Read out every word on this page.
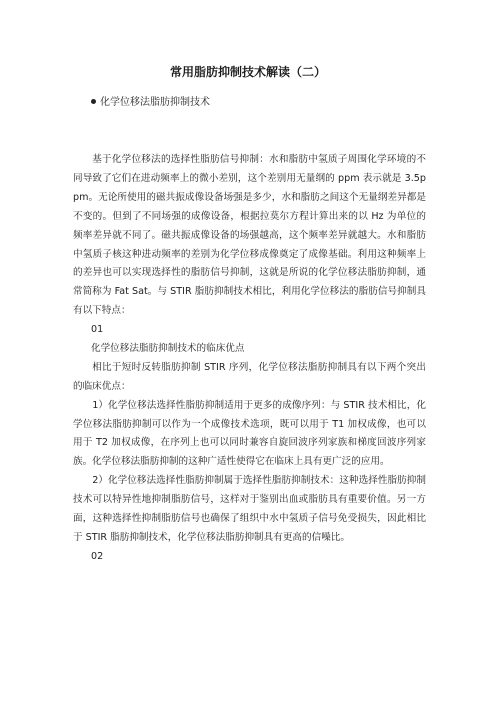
常用脂肪抑制技术解读（二）
化学位移法脂肪抑制技术

基于化学位移法的选择性脂肪信号抑制：水和脂肪中氢质子周围化学环境的不同导致了它们在进动频率上的微小差别，这个差别用无量纲的 ppm 表示就是 3.5ppm。无论所使用的磁共振成像设备场强是多少，水和脂肪之间这个无量纲差异都是不变的。但到了不同场强的成像设备，根据拉莫尔方程计算出来的以 Hz 为单位的频率差异就不同了。磁共振成像设备的场强越高，这个频率差异就越大。水和脂肪中氢质子核这种进动频率的差别为化学位移成像奠定了成像基础。利用这种频率上的差异也可以实现选择性的脂肪信号抑制，这就是所说的化学位移法脂肪抑制，通常简称为 Fat Sat。与 STIR 脂肪抑制技术相比，利用化学位移法的脂肪信号抑制具有以下特点：

01

化学位移法脂肪抑制技术的临床优点

相比于短时反转脂肪抑制 STIR 序列，化学位移法脂肪抑制具有以下两个突出的临床优点：

1）化学位移法选择性脂肪抑制适用于更多的成像序列：与 STIR 技术相比，化学位移法脂肪抑制可以作为一个成像技术选项，既可以用于 T1 加权成像，也可以用于 T2 加权成像，在序列上也可以同时兼容自旋回波序列家族和梯度回波序列家族。化学位移法脂肪抑制的这种广适性使得它在临床上具有更广泛的应用。

2）化学位移法选择性脂肪抑制属于选择性脂肪抑制技术：这种选择性脂肪抑制技术可以特异性地抑制脂肪信号，这样对于鉴别出血或脂肪具有重要价值。另一方面，这种选择性抑制脂肪信号也确保了组织中水中氢质子信号免受损失，因此相比于 STIR 脂肪抑制技术，化学位移法脂肪抑制具有更高的信噪比。

02
